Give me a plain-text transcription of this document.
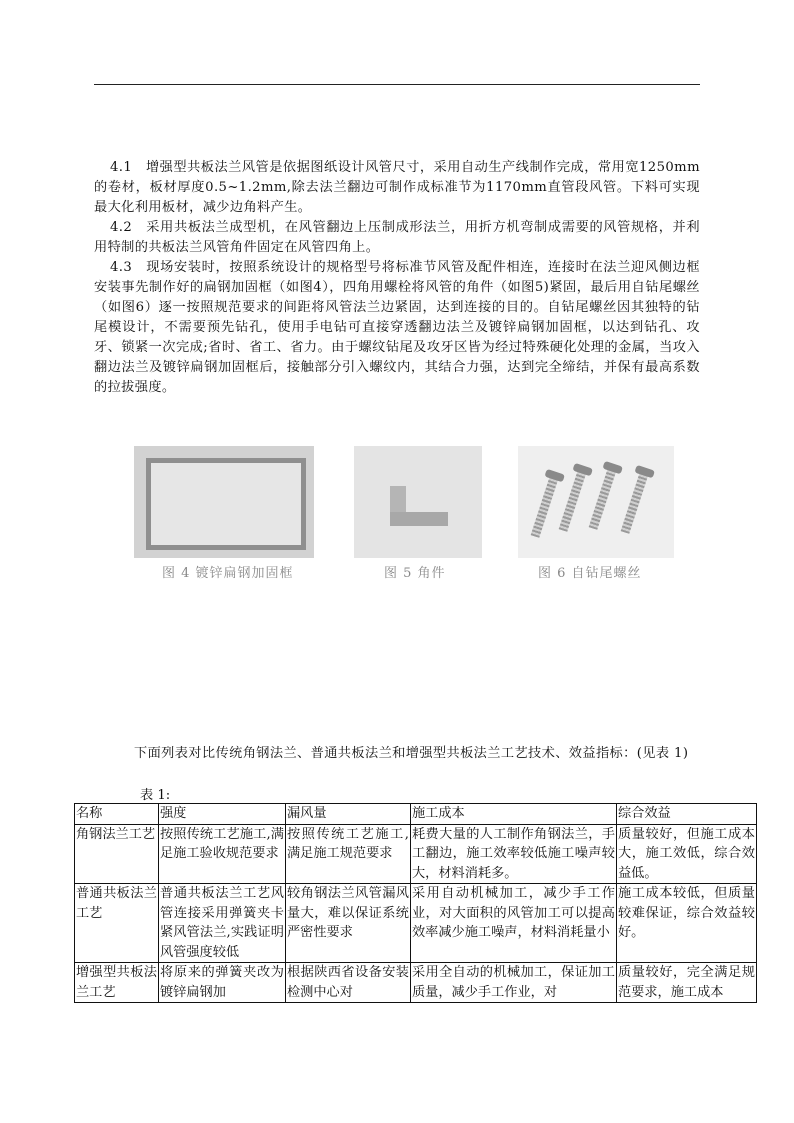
4.1　增强型共板法兰风管是依据图纸设计风管尺寸，采用自动生产线制作完成，常用宽1250mm的卷材，板材厚度0.5~1.2mm,除去法兰翻边可制作成标准节为1170mm直管段风管。下料可实现最大化利用板材，减少边角料产生。

4.2　采用共板法兰成型机，在风管翻边上压制成形法兰，用折方机弯制成需要的风管规格，并利用特制的共板法兰风管角件固定在风管四角上。

4.3　现场安装时，按照系统设计的规格型号将标准节风管及配件相连，连接时在法兰迎风侧边框安装事先制作好的扁钢加固框（如图4），四角用螺栓将风管的角件（如图5)紧固，最后用自钻尾螺丝（如图6）逐一按照规范要求的间距将风管法兰边紧固，达到连接的目的。自钻尾螺丝因其独特的钻尾模设计，不需要预先钻孔，使用手电钻可直接穿透翻边法兰及镀锌扁钢加固框，以达到钻孔、攻牙、锁紧一次完成;省时、省工、省力。由于螺纹钻尾及攻牙区皆为经过特殊硬化处理的金属，当攻入翻边法兰及镀锌扁钢加固框后，接触部分引入螺纹内，其结合力强，达到完全缔结，并保有最高系数的拉拔强度。

图 4 镀锌扁钢加固框	图 5 角件	图 6 自钻尾螺丝

下面列表对比传统角钢法兰、普通共板法兰和增强型共板法兰工艺技术、效益指标：(见表 1)

表 1:
名称	强度	漏风量	施工成本	综合效益
角钢法兰工艺	按照传统工艺施工,满足施工验收规范要求	按照传统工艺施工,满足施工规范要求	耗费大量的人工制作角钢法兰，手工翻边，施工效率较低施工噪声较大，材料消耗多。	质量较好，但施工成本大，施工效低，综合效益低。
普通共板法兰工艺	普通共板法兰工艺风管连接采用弹簧夹卡紧风管法兰,实践证明风管强度较低	较角钢法兰风管漏风量大，难以保证系统严密性要求	采用自动机械加工，减少手工作业，对大面积的风管加工可以提高效率减少施工噪声，材料消耗量小	施工成本较低，但质量较难保证，综合效益较好。
增强型共板法兰工艺	将原来的弹簧夹改为镀锌扁钢加	根据陕西省设备安装检测中心对	采用全自动的机械加工，保证加工质量，减少手工作业，对	质量较好，完全满足规范要求，施工成本
